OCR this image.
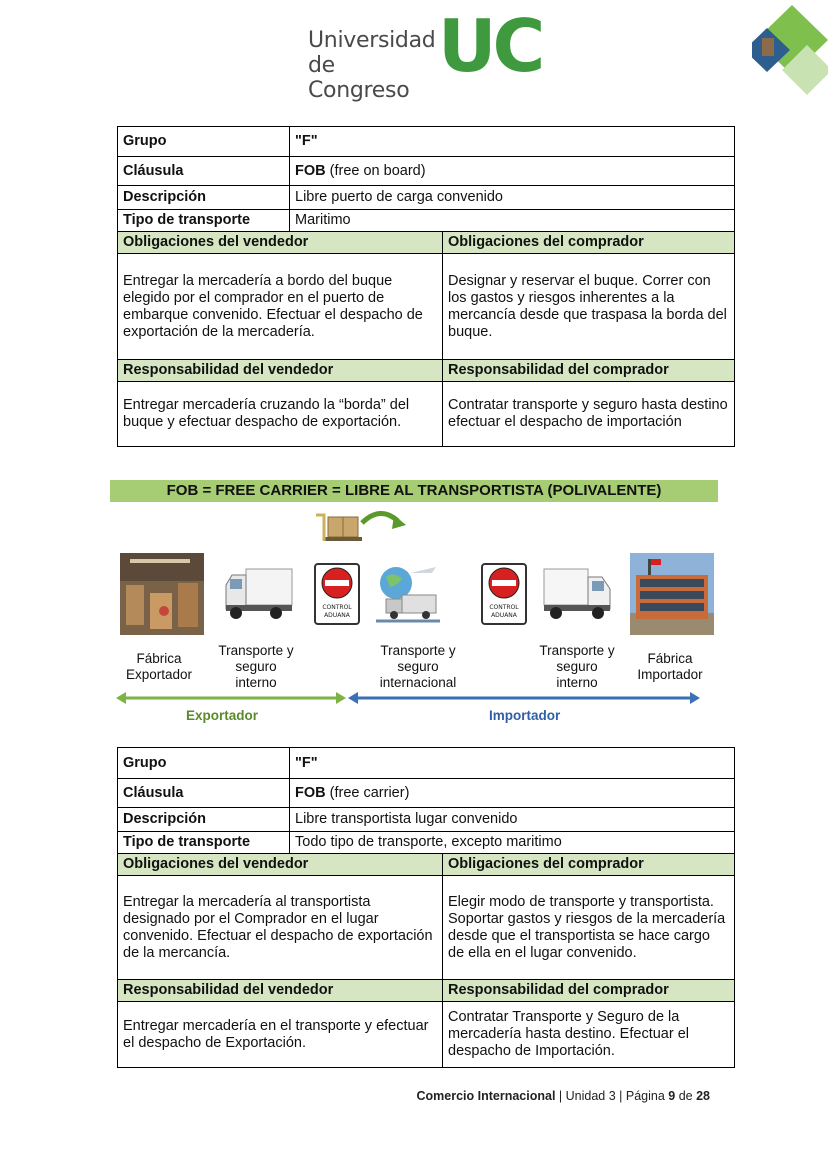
Universidad
de Congreso
UC
Grupo	"F"	
Cláusula	FOB (free on board)	
Descripción	Libre puerto de carga convenido	
Tipo de transporte	Maritimo	
Obligaciones del vendedor		Obligaciones del comprador
Entregar la mercadería a bordo del buque elegido por el comprador en el puerto de embarque convenido. Efectuar el despacho de exportación de la mercadería.		Designar y reservar el buque. Correr con los gastos y riesgos inherentes a la mercancía desde que traspasa la borda del buque.
Responsabilidad del vendedor		Responsabilidad del comprador
Entregar mercadería cruzando la “borda” del buque y efectuar despacho de exportación.		Contratar transporte y seguro hasta destino efectuar el despacho de importación
FOB = FREE CARRIER = LIBRE AL TRANSPORTISTA (POLIVALENTE)
CONTROL
ADUANA
CONTROL
ADUANA
Fábrica Exportador
Transporte y seguro interno
Transporte y seguro internacional
Transporte y seguro interno
Fábrica Importador
Exportador	Importador
Grupo	"F"	
Cláusula	FOB (free carrier)	
Descripción	Libre transportista lugar convenido	
Tipo de transporte	Todo tipo de transporte, excepto maritimo	
Obligaciones del vendedor		Obligaciones del comprador
Entregar la mercadería al transportista designado por el Comprador en el lugar convenido. Efectuar el despacho de exportación de la mercancía.		Elegir modo de transporte y transportista. Soportar gastos y riesgos de la mercadería desde que el transportista se hace cargo de ella en el lugar convenido.
Responsabilidad del vendedor		Responsabilidad del comprador
Entregar mercadería en el transporte y efectuar el despacho de Exportación.		Contratar Transporte y Seguro de la mercadería hasta destino. Efectuar el despacho de Importación.
Comercio Internacional | Unidad 3 | Página 9 de 28
